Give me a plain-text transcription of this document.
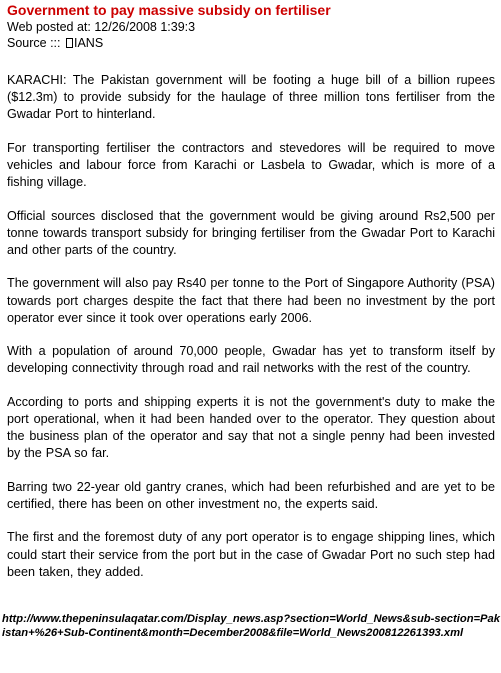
Government to pay massive subsidy on fertiliser
Web posted at: 12/26/2008 1:39:3
Source ::: IANS

KARACHI: The Pakistan government will be footing a huge bill of a billion rupees ($12.3m) to provide subsidy for the haulage of three million tons fertiliser from the Gwadar Port to hinterland.

For transporting fertiliser the contractors and stevedores will be required to move vehicles and labour force from Karachi or Lasbela to Gwadar, which is more of a fishing village.

Official sources disclosed that the government would be giving around Rs2,500 per tonne towards transport subsidy for bringing fertiliser from the Gwadar Port to Karachi and other parts of the country.

The government will also pay Rs40 per tonne to the Port of Singapore Authority (PSA) towards port charges despite the fact that there had been no investment by the port operator ever since it took over operations early 2006.

With a population of around 70,000 people, Gwadar has yet to transform itself by developing connectivity through road and rail networks with the rest of the country.

According to ports and shipping experts it is not the government's duty to make the port operational, when it had been handed over to the operator. They question about the business plan of the operator and say that not a single penny had been invested by the PSA so far.

Barring two 22-year old gantry cranes, which had been refurbished and are yet to be certified, there has been on other investment no, the experts said.

The first and the foremost duty of any port operator is to engage shipping lines, which could start their service from the port but in the case of Gwadar Port no such step had been taken, they added.

http://www.thepeninsulaqatar.com/Display_news.asp?section=World_News&sub-section=Pakistan+%26+Sub-Continent&month=December2008&file=World_News200812261393.xml
